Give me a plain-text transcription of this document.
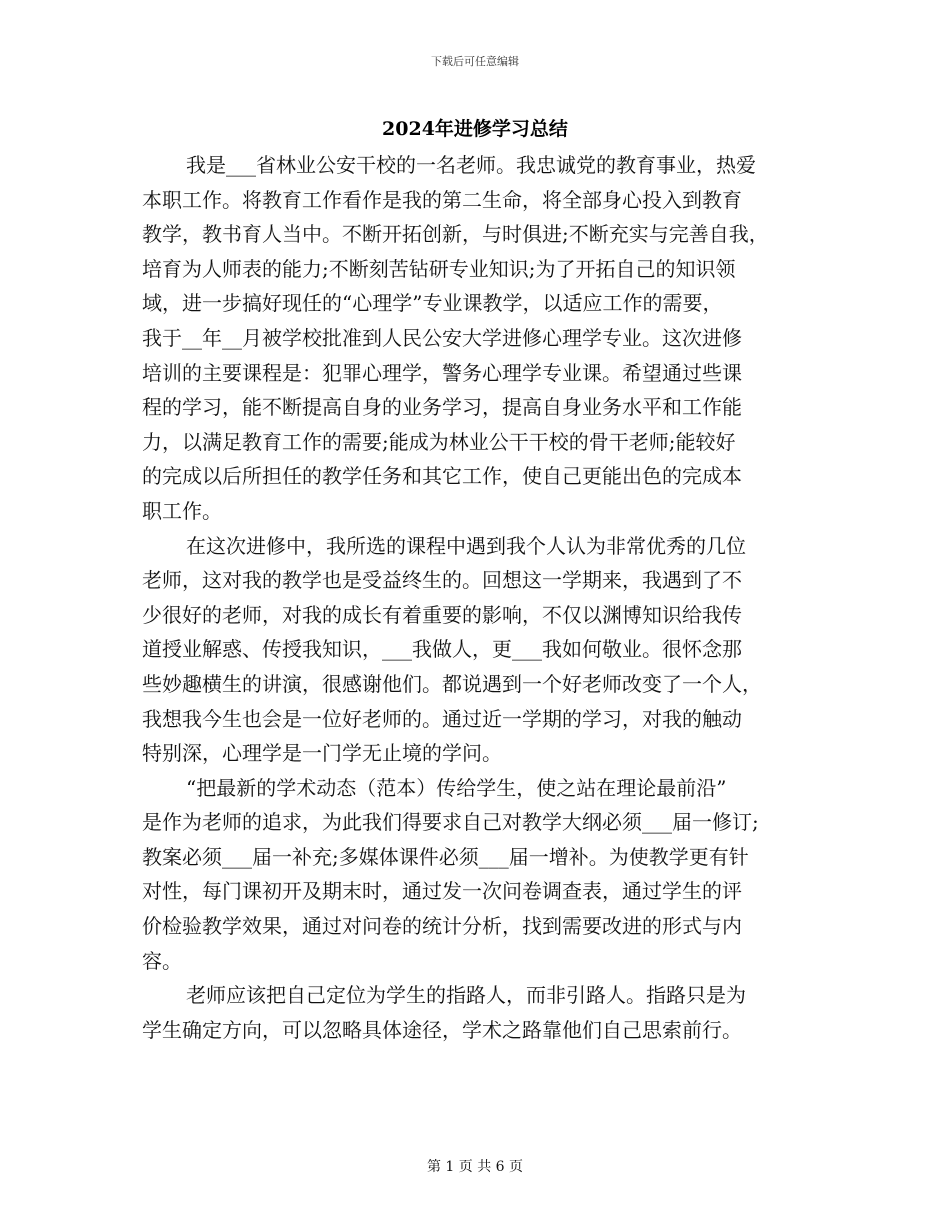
下载后可任意编辑
2024年进修学习总结

我是___省林业公安干校的一名老师。我忠诚党的教育事业，热爱
本职工作。将教育工作看作是我的第二生命，将全部身心投入到教育
教学，教书育人当中。不断开拓创新，与时俱进;不断充实与完善自我，
培育为人师表的能力;不断刻苦钻研专业知识;为了开拓自己的知识领
域，进一步搞好现任的“心理学”专业课教学，以适应工作的需要，
我于__年__月被学校批准到人民公安大学进修心理学专业。这次进修
培训的主要课程是：犯罪心理学，警务心理学专业课。希望通过些课
程的学习，能不断提高自身的业务学习，提高自身业务水平和工作能
力，以满足教育工作的需要;能成为林业公干干校的骨干老师;能较好
的完成以后所担任的教学任务和其它工作，使自己更能出色的完成本
职工作。

在这次进修中，我所选的课程中遇到我个人认为非常优秀的几位
老师，这对我的教学也是受益终生的。回想这一学期来，我遇到了不
少很好的老师，对我的成长有着重要的影响，不仅以渊博知识给我传
道授业解惑、传授我知识，___我做人，更___我如何敬业。很怀念那
些妙趣横生的讲演，很感谢他们。都说遇到一个好老师改变了一个人，
我想我今生也会是一位好老师的。通过近一学期的学习，对我的触动
特别深，心理学是一门学无止境的学问。

“把最新的学术动态（范本）传给学生，使之站在理论最前沿”
是作为老师的追求，为此我们得要求自己对教学大纲必须___届一修订;
教案必须___届一补充;多媒体课件必须___届一增补。为使教学更有针
对性，每门课初开及期末时，通过发一次问卷调查表，通过学生的评
价检验教学效果，通过对问卷的统计分析，找到需要改进的形式与内
容。

老师应该把自己定位为学生的指路人，而非引路人。指路只是为
学生确定方向，可以忽略具体途径，学术之路靠他们自己思索前行。

第 1 页 共 6 页
